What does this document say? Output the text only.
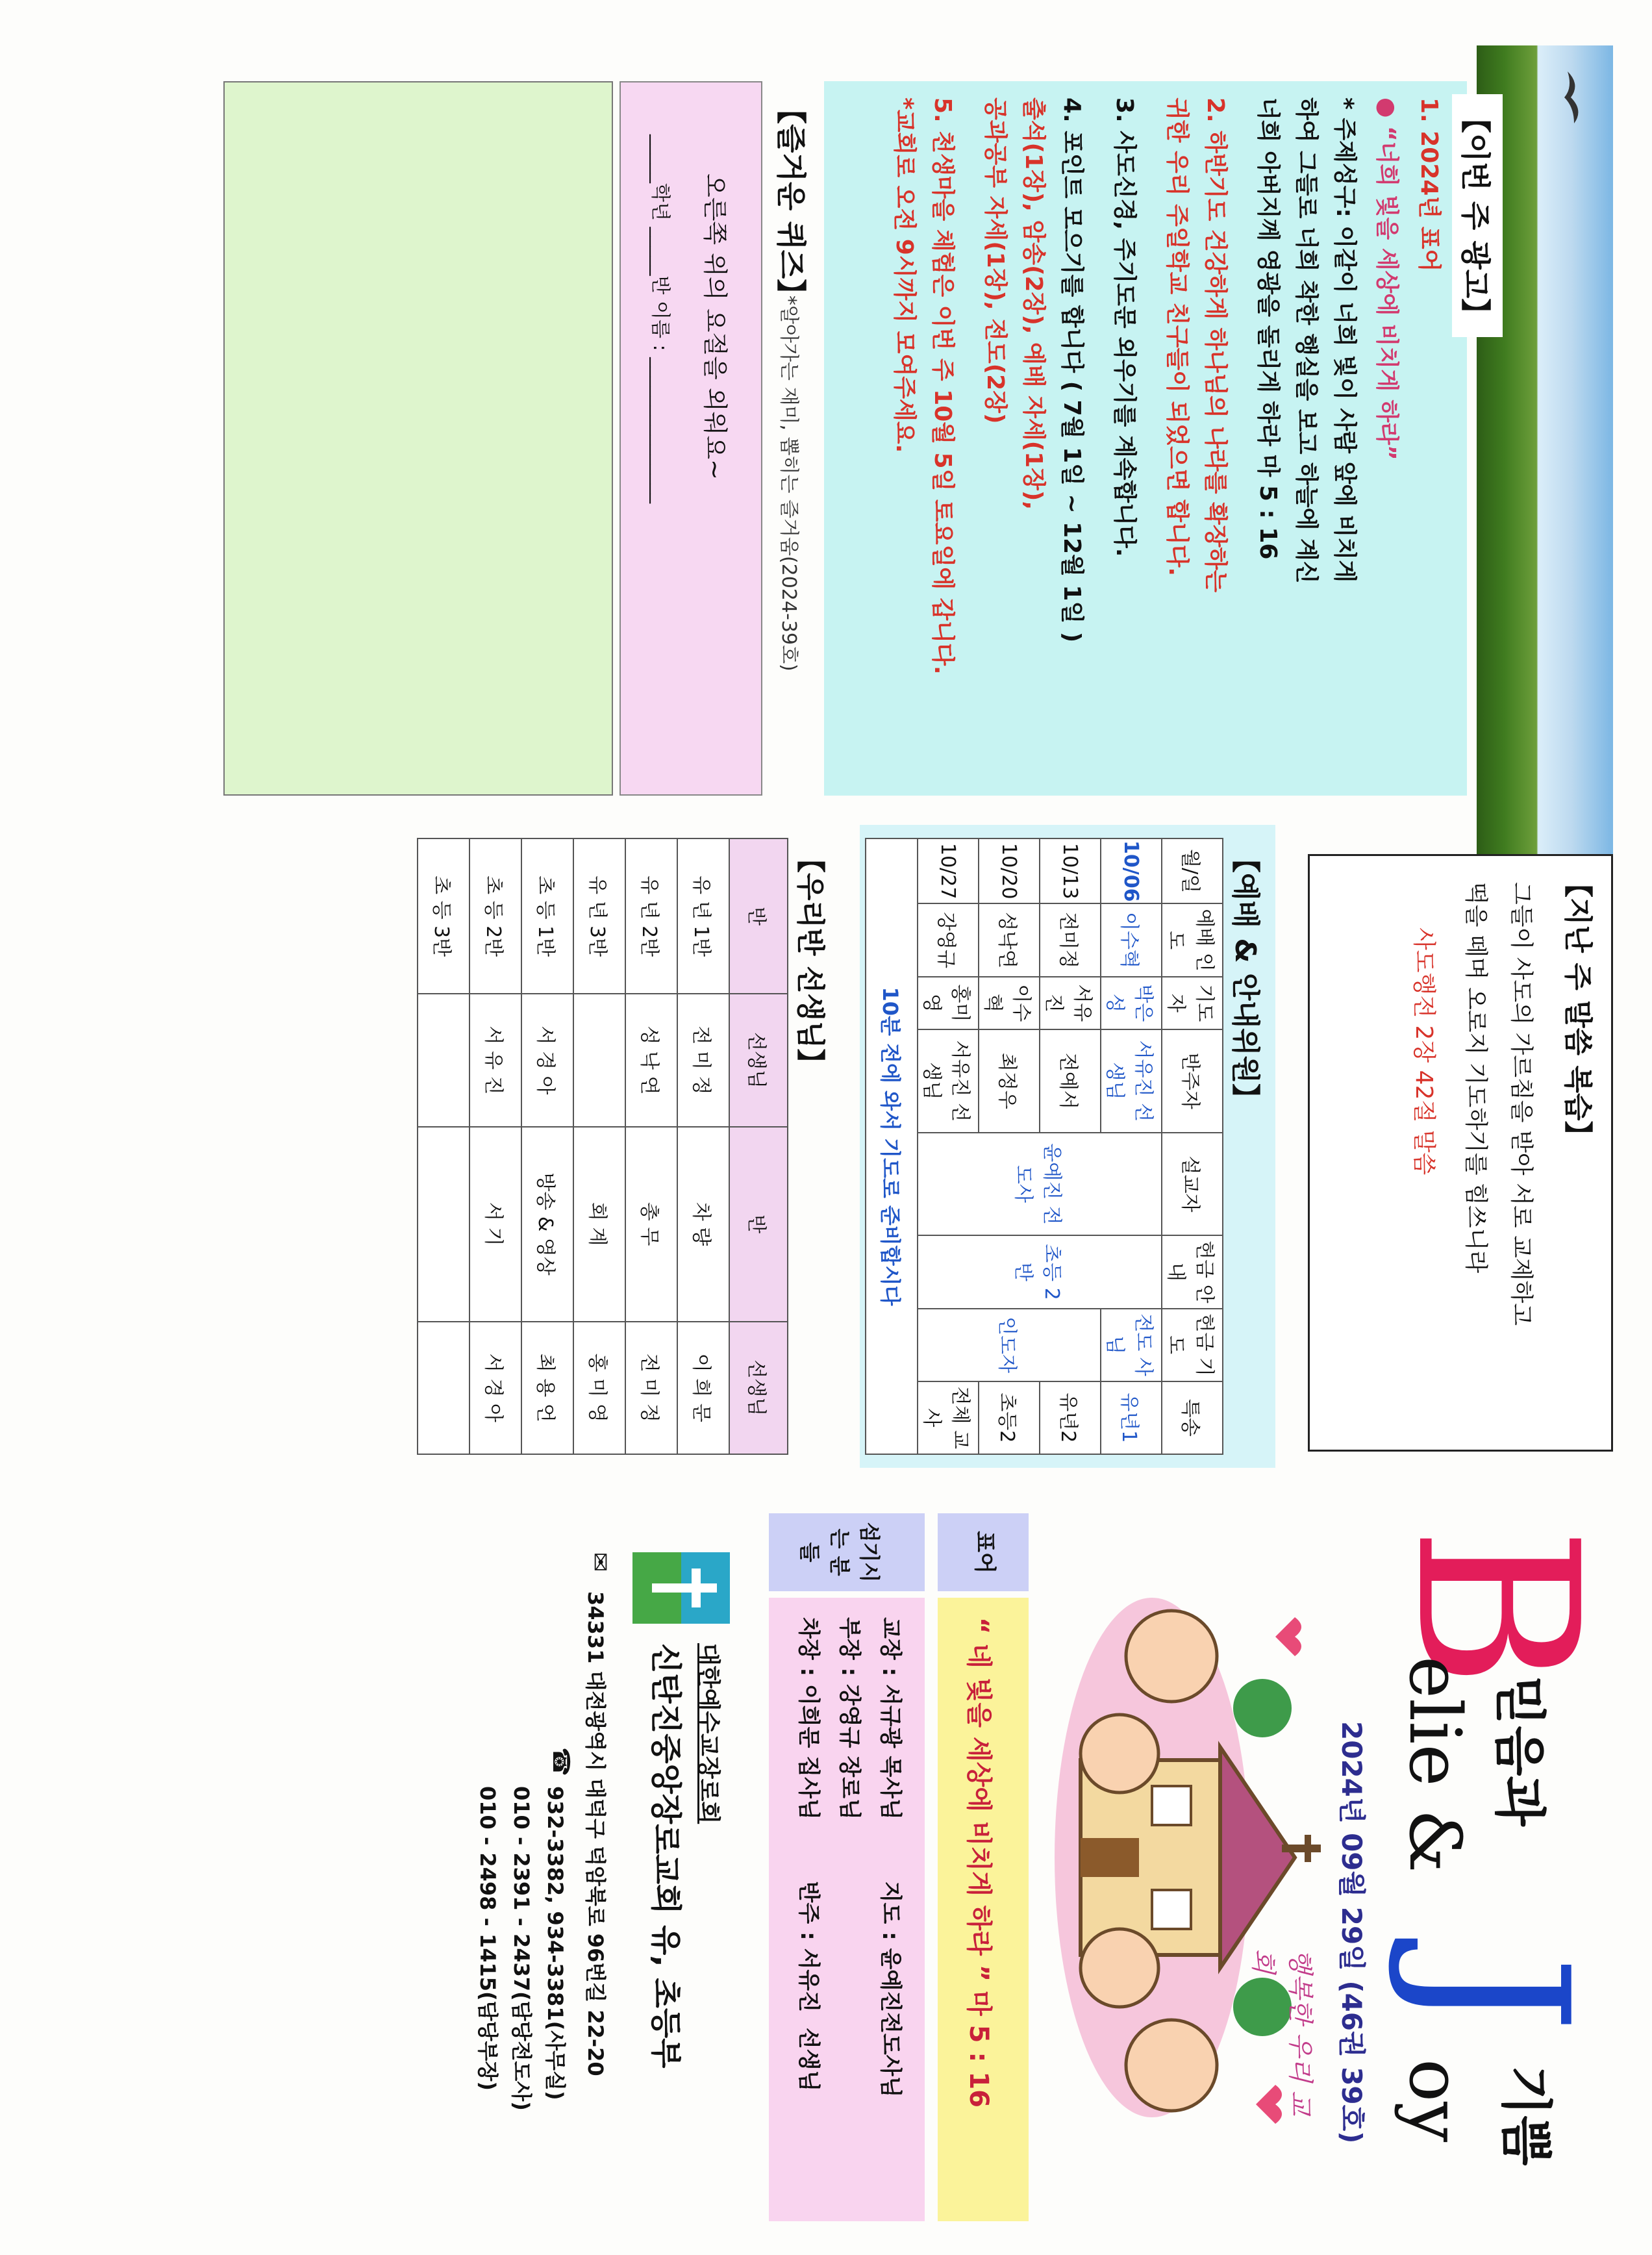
【이번 주 광고】
1. 2024년 표어
● “너희 빛을 세상에 비치게 하라”
* 주제성구: 이같이 너희 빛이 사람 앞에 비치게
하여 그들로 너희 착한 행실을 보고 하늘에 계신
너희 아버지께 영광을 돌리게 하라 마 5 : 16
2. 하반기도 건강하게 하나님의 나라를 확장하는
귀한 우리 주일학교 친구들이 되었으면 합니다.
3. 사도신경, 주기도문 외우기를 계속합니다.
4. 포인트 모으기를 합니다 ( 7월 1일 ~ 12월 1일 )
출석(1장), 암송(2장), 예배 자세(1장),
공과공부 자세(1장), 전도(2장)
5. 천생마을 체험은 이번 주 10월 5일 토요일에 갑니다.
*교회로 오전 9시까지 모여주세요.
【즐거운 퀴즈】
*알아가는 재미, 뽑히는 즐거움(2024-39호)
오른쪽 위의 요절을 외워요~
_____학년 _____반 이름 : _______________
【지난 주 말씀 복습】
그들이 사도의 가르침을 받아 서로 교제하고
떡을 떼며 오로지 기도하기를 힘쓰니라
사도행전 2장 42절 말씀
【예배 & 안내위원】
월/일	예배 인도	기도자	반주자	설교자	헌금 안내	헌금 기도	특송
10/06	이수혁	박은성	서유진 선생님	윤예진 전도사	초등 2반	전도 사님	유년1
10/13	전미정	서유진	전예서			인도자	유년2
10/20	성낙연	이수혁	최정우				초등2
10/27	강영규	홍미영	서유진 선생님				전체 교사
10분 전에 와서 기도로 준비합시다							
【우리반 선생님】
반	선생님	반	선생님
유 년 1반	전 미 정	차 량	이 희 문
유 년 2반	성 낙 연	총 무	전 미 정
유 년 3반		회 계	홍 미 영
초 등 1반	서 경 아	방송 & 영상	최 용 언
초 등 2반	서 유 진	서 기	서 경 아
초 등 3반			
B
elie & 믿음과
J
oy 기쁨
2024년 09월 29일 (46권 39호)
행복한 우리 교회
표어
“ 네 빛을 세상에 비치게 하라 ” 마 5 : 16
섬기시는 분들
교장 : 서규광 목사님        지도 : 윤예진전도사님
부장 : 강영규 장로님
차장 : 이희문 집사님        반주 : 서유진  선생님
대한예수교장로회
신탄진중앙장로교회 유, 초등부
✉
34331 대전광역시 대덕구 덕암북로 96번길 22-20
☎
932-3382, 934-3381(사무실)
010 - 2391 - 2437(담당전도사)
010 - 2498 - 1415(담당부장)
